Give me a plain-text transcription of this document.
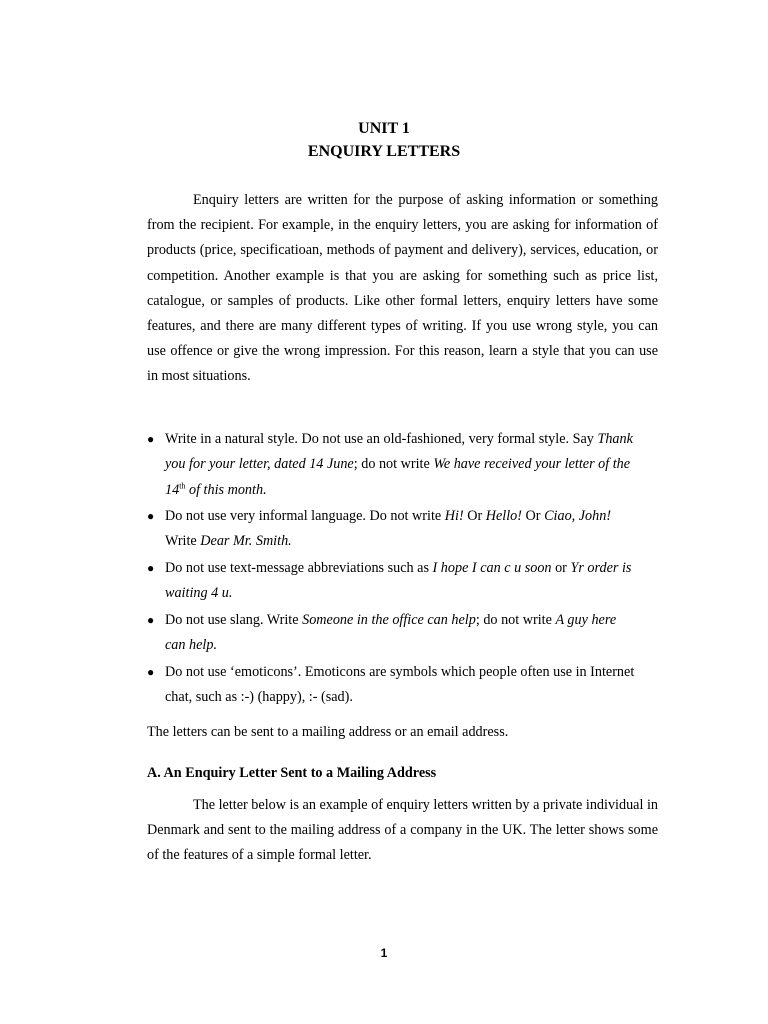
UNIT 1
ENQUIRY LETTERS

Enquiry letters are written for the purpose of asking information or something from the recipient. For example, in the enquiry letters, you are asking for information of products (price, specificatioan, methods of payment and delivery), services, education, or competition. Another example is that you are asking for something such as price list, catalogue, or samples of products. Like other formal letters, enquiry letters have some features, and there are many different types of writing. If you use wrong style, you can use offence or give the wrong impression. For this reason, learn a style that you can use in most situations.

● Write in a natural style. Do not use an old-fashioned, very formal style. Say Thank you for your letter, dated 14 June; do not write We have received your letter of the 14th of this month.
● Do not use very informal language. Do not write Hi! Or Hello! Or Ciao, John! Write Dear Mr. Smith.
● Do not use text-message abbreviations such as I hope I can c u soon or Yr order is waiting 4 u.
● Do not use slang. Write Someone in the office can help; do not write A guy here can help.
● Do not use ‘emoticons’. Emoticons are symbols which people often use in Internet chat, such as :-) (happy), :- (sad).

The letters can be sent to a mailing address or an email address.

A. An Enquiry Letter Sent to a Mailing Address

The letter below is an example of enquiry letters written by a private individual in Denmark and sent to the mailing address of a company in the UK. The letter shows some of the features of a simple formal letter.

1
